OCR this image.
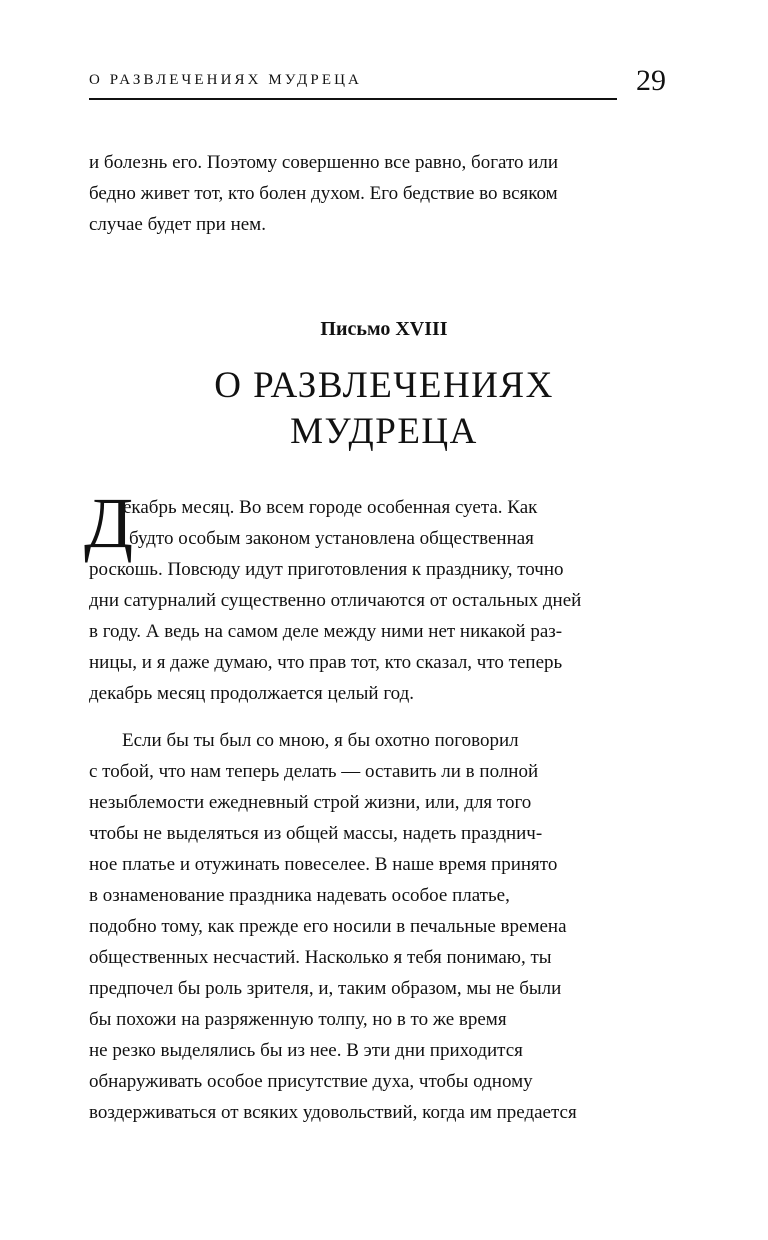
О РАЗВЛЕЧЕНИЯХ МУДРЕЦА	29
и болезнь его. Поэтому совершенно все равно, богато или
бедно живет тот, кто болен духом. Его бедствие во всяком
случае будет при нем.
Письмо XVIII
О РАЗВЛЕЧЕНИЯХ
МУДРЕЦА
Д
екабрь месяц. Во всем городе особенная суета. Как
будто особым законом установлена общественная
роскошь. Повсюду идут приготовления к празднику, точно
дни сатурналий существенно отличаются от остальных дней
в году. А ведь на самом деле между ними нет никакой раз-
ницы, и я даже думаю, что прав тот, кто сказал, что теперь
декабрь месяц продолжается целый год.
Если бы ты был со мною, я бы охотно поговорил
с тобой, что нам теперь делать — оставить ли в полной
незыблемости ежедневный строй жизни, или, для того
чтобы не выделяться из общей массы, надеть празднич-
ное платье и отужинать повеселее. В наше время принято
в ознаменование праздника надевать особое платье,
подобно тому, как прежде его носили в печальные времена
общественных несчастий. Насколько я тебя понимаю, ты
предпочел бы роль зрителя, и, таким образом, мы не были
бы похожи на разряженную толпу, но в то же время
не резко выделялись бы из нее. В эти дни приходится
обнаруживать особое присутствие духа, чтобы одному
воздерживаться от всяких удовольствий, когда им предается
